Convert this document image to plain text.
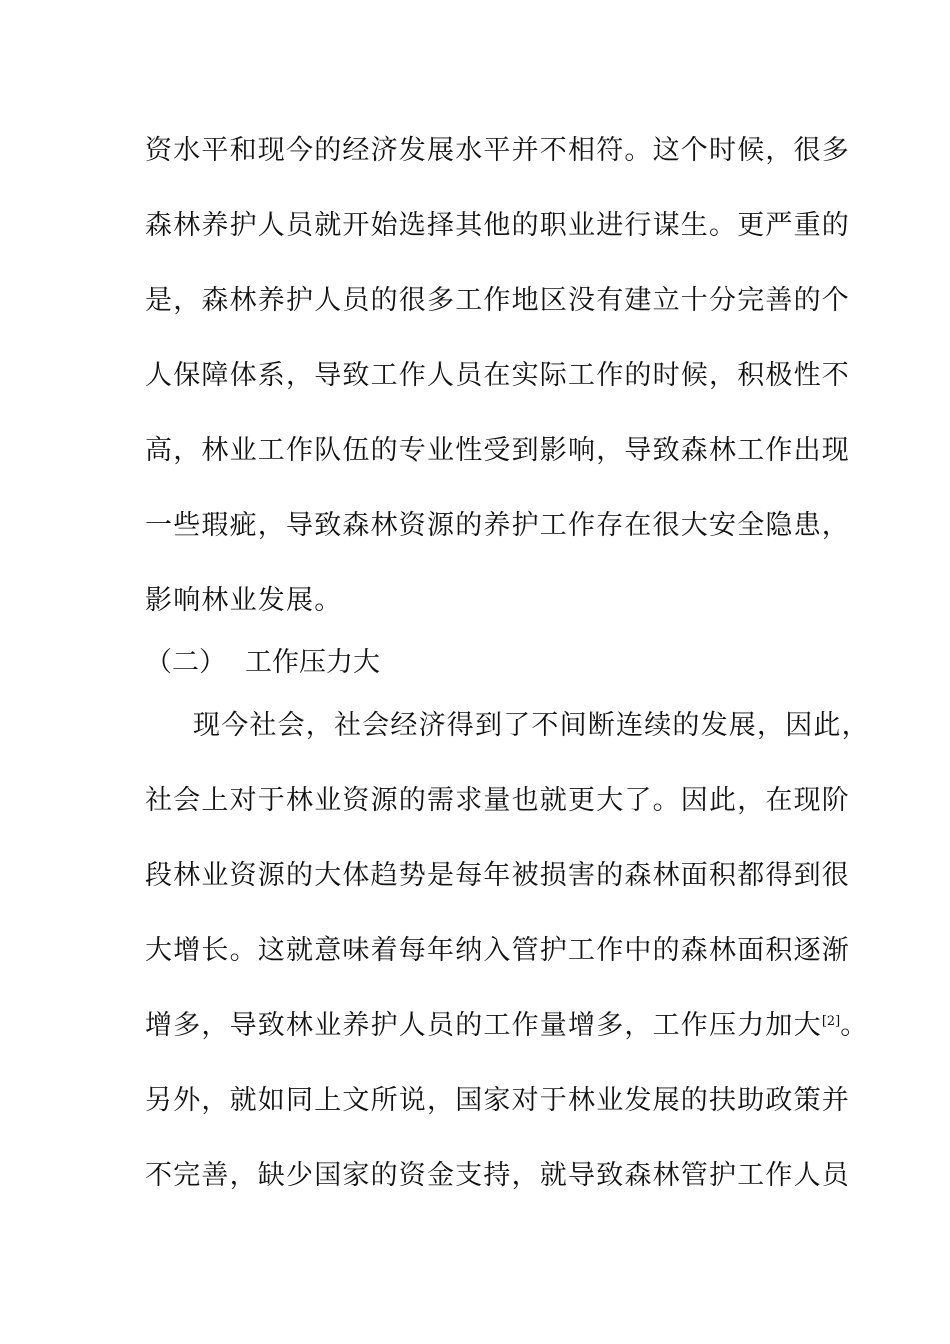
资水平和现今的经济发展水平并不相符。这个时候，很多
森林养护人员就开始选择其他的职业进行谋生。更严重的
是，森林养护人员的很多工作地区没有建立十分完善的个
人保障体系，导致工作人员在实际工作的时候，积极性不
高，林业工作队伍的专业性受到影响，导致森林工作出现
一些瑕疵，导致森林资源的养护工作存在很大安全隐患，
影响林业发展。
（二） 工作压力大
现今社会，社会经济得到了不间断连续的发展，因此，
社会上对于林业资源的需求量也就更大了。因此，在现阶
段林业资源的大体趋势是每年被损害的森林面积都得到很
大增长。这就意味着每年纳入管护工作中的森林面积逐渐
增多，导致林业养护人员的工作量增多，工作压力加大[2]。
另外，就如同上文所说，国家对于林业发展的扶助政策并
不完善，缺少国家的资金支持，就导致森林管护工作人员
